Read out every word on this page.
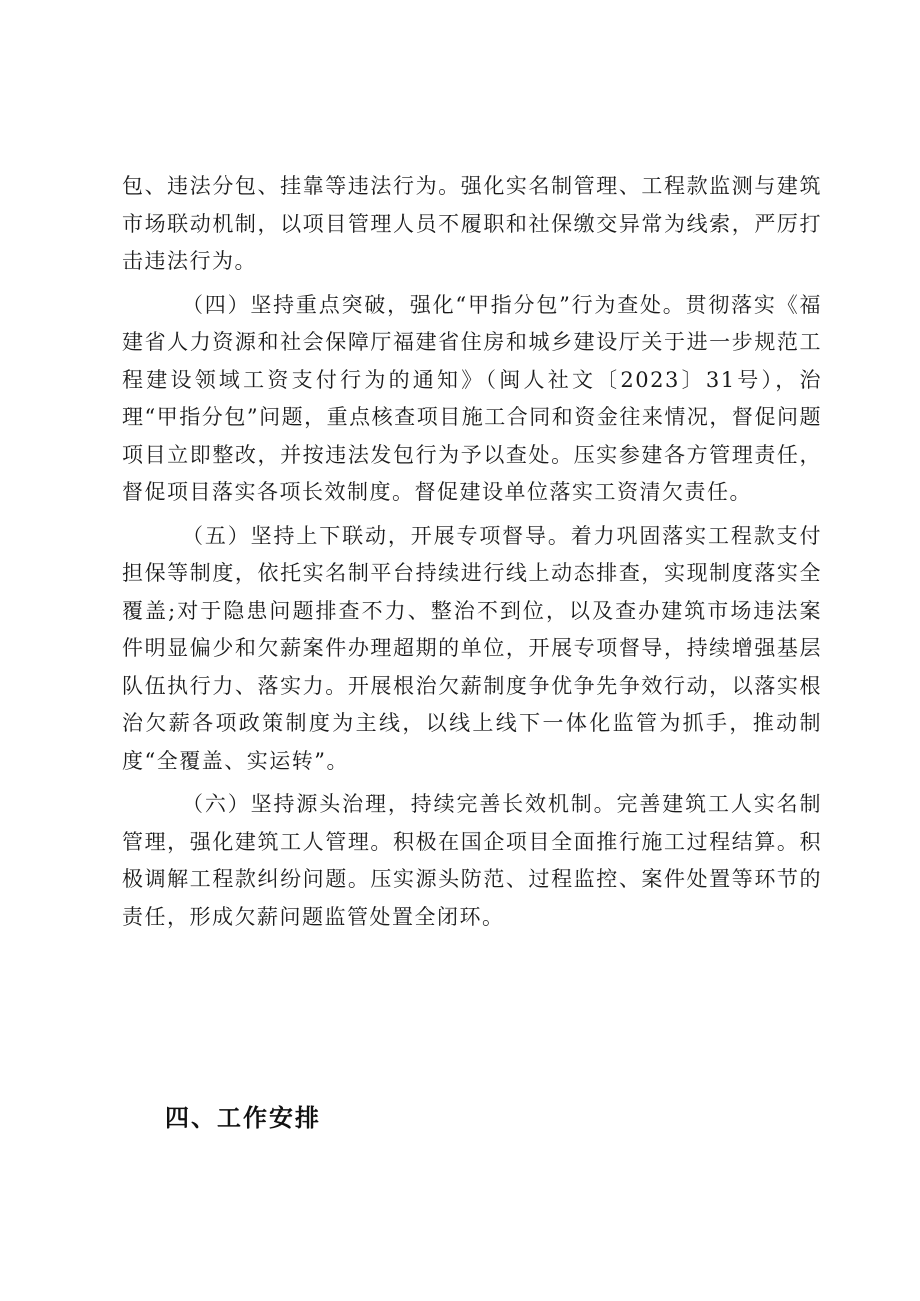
包、违法分包、挂靠等违法行为。强化实名制管理、工程款监测与建筑市场联动机制，以项目管理人员不履职和社保缴交异常为线索，严厉打击违法行为。

（四）坚持重点突破，强化“甲指分包”行为查处。贯彻落实《福建省人力资源和社会保障厅福建省住房和城乡建设厅关于进一步规范工程建设领域工资支付行为的通知》（闽人社文〔2023〕31号），治理“甲指分包”问题，重点核查项目施工合同和资金往来情况，督促问题项目立即整改，并按违法发包行为予以查处。压实参建各方管理责任，督促项目落实各项长效制度。督促建设单位落实工资清欠责任。

（五）坚持上下联动，开展专项督导。着力巩固落实工程款支付担保等制度，依托实名制平台持续进行线上动态排查，实现制度落实全覆盖;对于隐患问题排查不力、整治不到位，以及查办建筑市场违法案件明显偏少和欠薪案件办理超期的单位，开展专项督导，持续增强基层队伍执行力、落实力。开展根治欠薪制度争优争先争效行动，以落实根治欠薪各项政策制度为主线，以线上线下一体化监管为抓手，推动制度“全覆盖、实运转”。

（六）坚持源头治理，持续完善长效机制。完善建筑工人实名制管理，强化建筑工人管理。积极在国企项目全面推行施工过程结算。积极调解工程款纠纷问题。压实源头防范、过程监控、案件处置等环节的责任，形成欠薪问题监管处置全闭环。

四、工作安排
